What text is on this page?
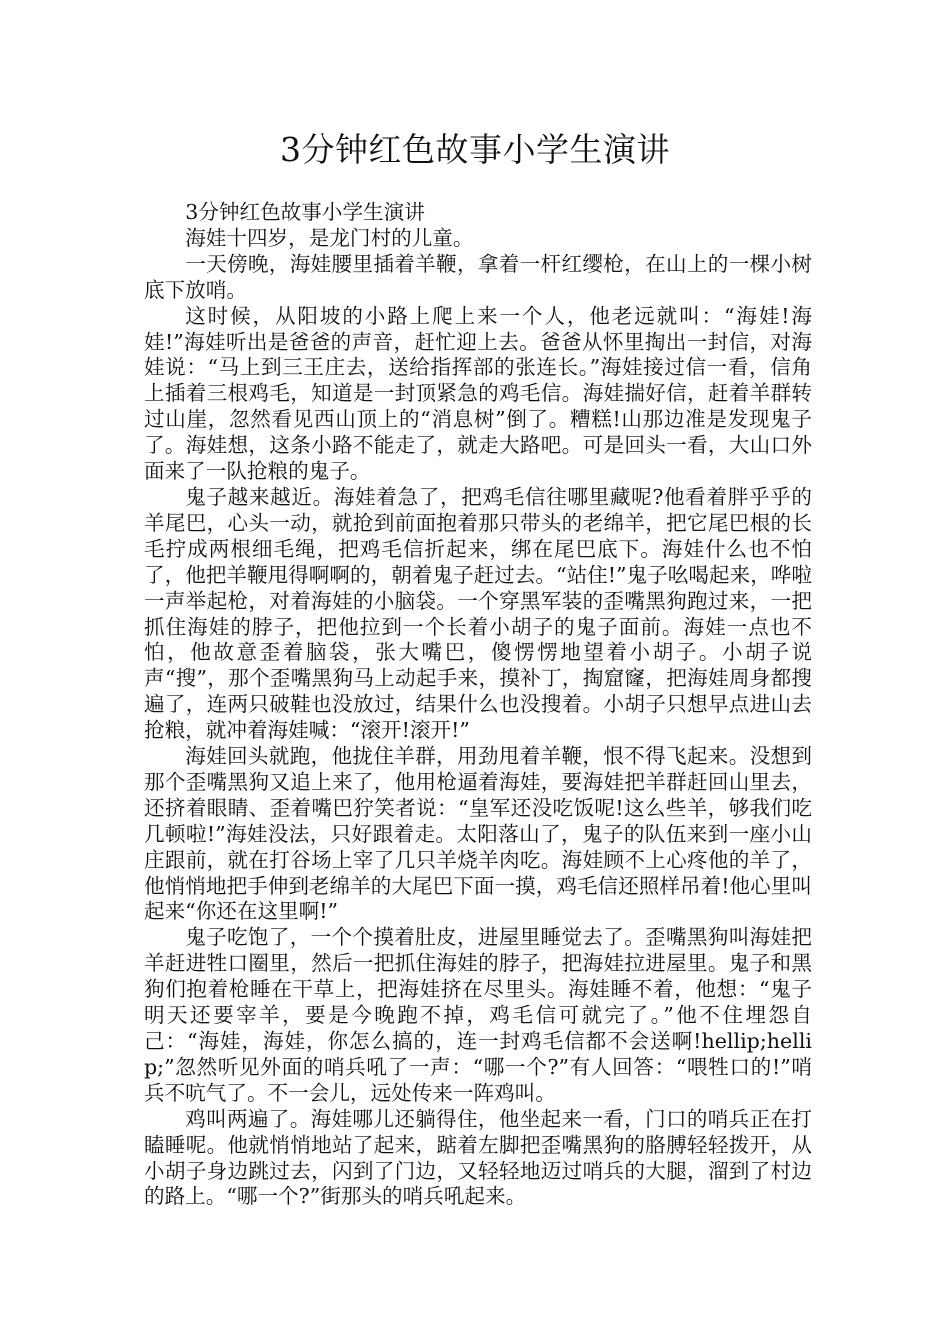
3分钟红色故事小学生演讲

3分钟红色故事小学生演讲

海娃十四岁，是龙门村的儿童。

一天傍晚，海娃腰里插着羊鞭，拿着一杆红缨枪，在山上的一棵小树底下放哨。

这时候，从阳坡的小路上爬上来一个人，他老远就叫：“海娃!海娃!”海娃听出是爸爸的声音，赶忙迎上去。爸爸从怀里掏出一封信，对海娃说：“马上到三王庄去，送给指挥部的张连长。”海娃接过信一看，信角上插着三根鸡毛，知道是一封顶紧急的鸡毛信。海娃揣好信，赶着羊群转过山崖，忽然看见西山顶上的“消息树”倒了。糟糕!山那边准是发现鬼子了。海娃想，这条小路不能走了，就走大路吧。可是回头一看，大山口外面来了一队抢粮的鬼子。

鬼子越来越近。海娃着急了，把鸡毛信往哪里藏呢?他看着胖乎乎的羊尾巴，心头一动，就抢到前面抱着那只带头的老绵羊，把它尾巴根的长毛拧成两根细毛绳，把鸡毛信折起来，绑在尾巴底下。海娃什么也不怕了，他把羊鞭甩得啊啊的，朝着鬼子赶过去。“站住!”鬼子吆喝起来，哗啦一声举起枪，对着海娃的小脑袋。一个穿黑军装的歪嘴黑狗跑过来，一把抓住海娃的脖子，把他拉到一个长着小胡子的鬼子面前。海娃一点也不怕，他故意歪着脑袋，张大嘴巴，傻愣愣地望着小胡子。小胡子说声“搜”，那个歪嘴黑狗马上动起手来，摸补丁，掏窟窿，把海娃周身都搜遍了，连两只破鞋也没放过，结果什么也没搜着。小胡子只想早点进山去抢粮，就冲着海娃喊：“滚开!滚开!”

海娃回头就跑，他拢住羊群，用劲甩着羊鞭，恨不得飞起来。没想到那个歪嘴黑狗又追上来了，他用枪逼着海娃，要海娃把羊群赶回山里去，还挤着眼睛、歪着嘴巴狞笑者说：“皇军还没吃饭呢!这么些羊，够我们吃几顿啦!”海娃没法，只好跟着走。太阳落山了，鬼子的队伍来到一座小山庄跟前，就在打谷场上宰了几只羊烧羊肉吃。海娃顾不上心疼他的羊了，他悄悄地把手伸到老绵羊的大尾巴下面一摸，鸡毛信还照样吊着!他心里叫起来“你还在这里啊!”

鬼子吃饱了，一个个摸着肚皮，进屋里睡觉去了。歪嘴黑狗叫海娃把羊赶进牲口圈里，然后一把抓住海娃的脖子，把海娃拉进屋里。鬼子和黑狗们抱着枪睡在干草上，把海娃挤在尽里头。海娃睡不着，他想：“鬼子明天还要宰羊，要是今晚跑不掉，鸡毛信可就完了。”他不住埋怨自己：“海娃，海娃，你怎么搞的，连一封鸡毛信都不会送啊!hellip;hellip;”忽然听见外面的哨兵吼了一声：“哪一个?”有人回答：“喂牲口的!”哨兵不吭气了。不一会儿，远处传来一阵鸡叫。

鸡叫两遍了。海娃哪儿还躺得住，他坐起来一看，门口的哨兵正在打瞌睡呢。他就悄悄地站了起来，踮着左脚把歪嘴黑狗的胳膊轻轻拨开，从小胡子身边跳过去，闪到了门边，又轻轻地迈过哨兵的大腿，溜到了村边的路上。“哪一个?”街那头的哨兵吼起来。
